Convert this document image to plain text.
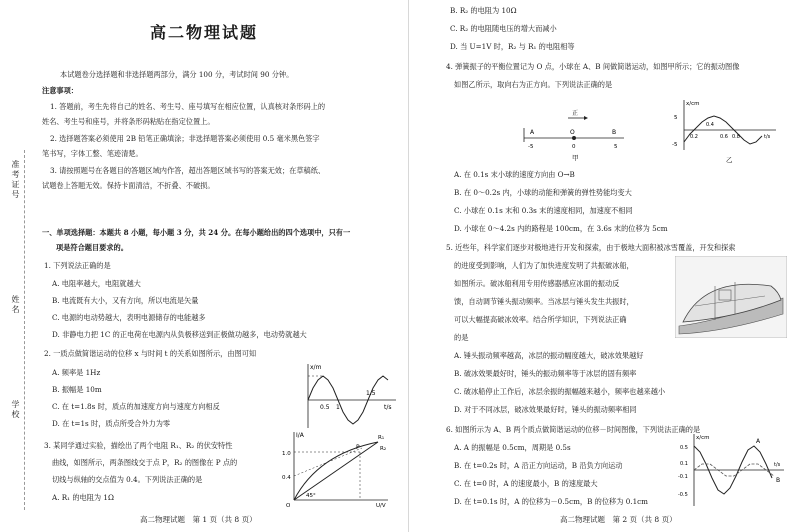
高二物理试题
准考证号
姓名
学校
本试题卷分选择题和非选择题两部分，满分 100 分，考试时间 90 分钟。
注意事项：
1. 答题前，考生先将自己的姓名、考生号、座号填写在相应位置，认真核对条形码上的
姓名、考生号和座号，并将条形码粘贴在指定位置上。
2. 选择题答案必须使用 2B 铅笔正确填涂；非选择题答案必须使用 0.5 毫米黑色签字
笔书写，字体工整、笔迹清楚。
3. 请按照题号在各题目的答题区域内作答，超出答题区域书写的答案无效；在草稿纸、
试题卷上答题无效。保持卡面清洁，不折叠、不破损。
一、单项选择题：本题共 8 小题，每小题 3 分，共 24 分。在每小题给出的四个选项中，只有一
项是符合题目要求的。
1. 下列说法正确的是
A. 电阻率越大，电阻就越大
B. 电流既有大小，又有方向，所以电流是矢量
C. 电源的电动势越大，表明电源储存的电能越多
D. 非静电力把 1C 的正电荷在电源内从负极移送到正极做功越多，电动势就越大
2. 一质点做简谐运动的位移 x 与时间 t 的关系如图所示，由图可知
A. 频率是 1Hz
B. 振幅是 10m
C. 在 t=1.8s 时，质点的加速度方向与速度方向相反
D. 在 t=1s 时，质点所受合外力为零
x/m
0.5 1
1.5
t/s
3. 某同学通过实验，描绘出了两个电阻 R₁、R₂ 的伏安特性
曲线，如图所示，两条图线交于点 P，R₂ 的图像在 P 点的
切线与纵轴的交点值为 0.4。下列说法正确的是
A. R₁ 的电阻为 1Ω
I/A
1.0
0.4
P
R₁
R₂
45°
O	U/V
高二物理试题　第 1 页（共 8 页）
B. R₂ 的电阻为 10Ω
C. R₂ 的电阻随电压的增大而减小
D. 当 U=1V 时，R₂ 与 R₁ 的电阻相等
4. 弹簧振子的平衡位置记为 O 点，小球在 A、B 间做简谐运动，如图甲所示；它的振动图像
如图乙所示，取向右为正方向。下列说法正确的是
正
A	O	B
-5	0	5
甲
x/cm
5
-5
0.2
0.4
0.6 0.8	t/s
乙
A. 在 0.1s 末小球的速度方向由 O→B
B. 在 0～0.2s 内，小球的动能和弹簧的弹性势能均变大
C. 小球在 0.1s 末和 0.3s 末的速度相同，加速度不相同
D. 小球在 0～4.2s 内的路程是 100cm，在 3.6s 末的位移为 5cm
5. 近些年，科学家们逐步对极地进行开发和探索，由于极地大面积被冰雪覆盖，开发和探索
的进度受到影响，人们为了加快进度发明了共振破冰船，
如图所示。破冰船利用专用传感器感应冰面的振动反
馈，自动调节锤头振动频率。当冰层与锤头发生共振时，
可以大幅提高破冰效率。结合所学知识，下列说法正确
的是
A. 锤头振动频率越高，冰层的振动幅度越大，破冰效果越好
B. 破冰效果最好时，锤头的振动频率等于冰层的固有频率
C. 破冰船停止工作后，冰层余振的振幅越来越小，频率也越来越小
D. 对于不同冰层，破冰效果最好时，锤头的振动频率相同
6. 如图所示为 A、B 两个质点做简谐运动的位移－时间图像，下列说法正确的是
A. A 的振幅是 0.5cm，周期是 0.5s
B. 在 t=0.2s 时，A 沿正方向运动，B 沿负方向运动
C. 在 t=0 时，A 的速度最小，B 的速度最大
D. 在 t=0.1s 时，A 的位移为－0.5cm，B 的位移为 0.1cm
x/cm
0.5
0.1
-0.1
-0.5
t/s
A
B
高二物理试题　第 2 页（共 8 页）
